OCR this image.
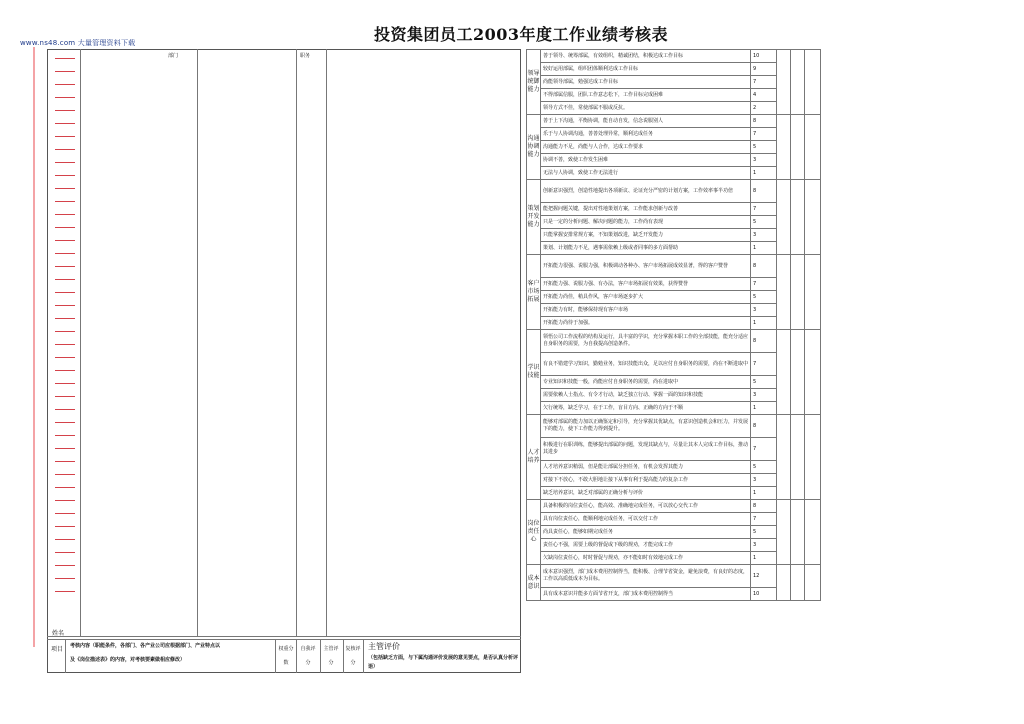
www.ns48.com 大量管理资料下载	投资集团员工2003年度工作业绩考核表
部门	职务
姓名
项目 考核内容（职能条件，各部门、各产业公司应根据部门、产业特点以
及《岗位描述表》的内容，对考核要素做相应修改）
权重分数
自我评分
主管评分
复核评分
主管评价
（包括缺乏方面，与下属沟通评价发展的意见要点，是否认真分析评语）
领导统御能力	善于领导、统筹部属，有效组织，精诚团结，积极达成工作目标	10			
	较好运用部属，组织团体顺利达成工作目标	9			
	尚能领导部属，勉强达成工作目标	7			
	不得部属信服，团队工作意志松下，工作目标完成困难	4			
	领导方式不佳，常使部属不服或反抗。	2			
沟通协调能力	善于上下沟通，平衡协调，能自动自发，信念说服别人	8			
	乐于与人协调沟通，善善处理异常，顺利达成任务	7			
	沟通能力不足，尚能与人合作，达成工作要求	5			
	协调不善，致使工作发生困难	3			
	无法与人协调，致使工作无法进行	1			
策划开发能力	创新意识强烈，创造性地提出各项新议、论证充分严密的计划方案，工作效率事半功倍	8			
	能把握问题关键，提出对性地策划方案，工作能求创新与改善	7			
	只是一定的分析问题、解决问题的能力，工作尚有表现	5			
	只能掌握安排常规方案，不知策划改进，缺乏开发能力	3			
	策划、计划能力不足，遇事需依赖上级或者同事的多方面帮助	1			
客户市场拓展	开拓能力很强、说服力强，积极调动各种办、客户市场拓展成效显著，得的客户赞誉	8			
	开拓能力强、说服力强、有办法，客户市场拓展有效果，获得赞誉	7			
	开拓能力尚佳，稍具作风，客户市场逐步扩大	5			
	开拓能力有时，能够保持现有客户市场	3			
	开拓能力尚待于加强。	1			
学识技能	领悟公司工作流程的结构及运行，具丰富的学识，充分掌握本职工作的全部技能，能充分适应自身职务的需要，为自我提高创造条件。	8			
	有良不错建学习知识，勤勉业务，知识技能出众，足以应付自身职务的需要，尚在不断进取中	7			
	专业知识和技能一般，尚能应付自身职务的需要，尚在进取中	5			
	需要依赖人士指点、有令才行动，缺乏独立行动、掌握一面的知识和技能	3			
	欠行统筹，缺乏学习，在于工作，盲目方向、正确的方向于不顺	1			
人才培养	能够对部属的能力加以正确鉴定和引导，充分掌握其优缺点，有意识创造机会和压力，并发展下的能力，使下工作能力得到提升。	8			
	积极进行在职训练，能够提出部属的问题，发现其缺点与，尽量让其本人完成工作目标，推动其进步	7			
	人才培养意识稍弱，但是能让部属分担任务，有机会发挥其能力	5			
	对接下不放心，不敢大胆地让接下从事有利于提高能力的复杂工作	3			
	缺乏培养意识，缺乏对部属的正确分析与评价	1			
岗位责任心	具备积极的岗位责任心，能高效、准确地完成任务，可以放心交代工作	8			
	具有岗位责任心，能顺利地完成任务，可以交付工作	7			
	尚具责任心，能够如期完成任务	5			
	责任心不强，需要上级的督促或下级的规劝，才能完成工作	3			
	欠缺岗位责任心，时时督促与规劝，亦不能如时有效地完成工作	1			
成本意识	成本意识强烈，部门成本费用控制得当，能积极、合理节省资金，避免浪费，有良好的态度，工作以高质低成本为目标。	12			
	具有成本意识并能多方面节省开支，部门成本费用控制得当	10			
